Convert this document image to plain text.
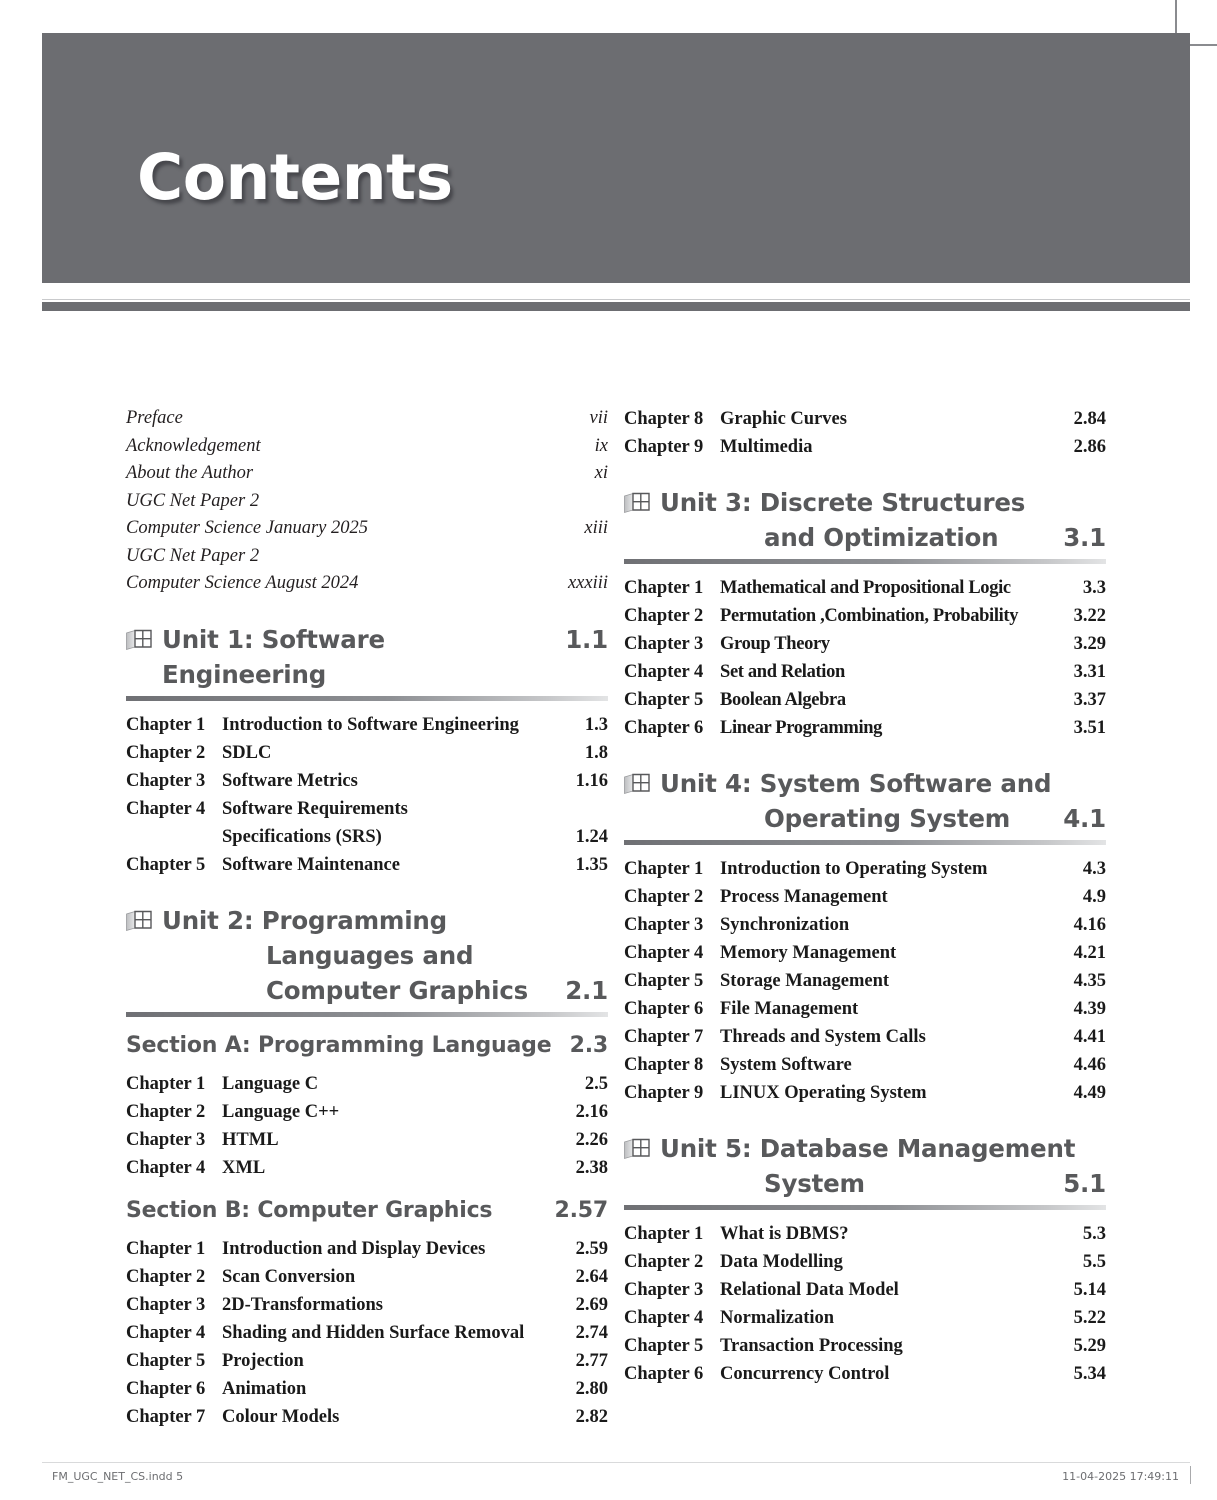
Contents
Preface	vii
Acknowledgement	ix
About the Author	xi
UGC Net Paper 2
Computer Science January 2025	xiii
UGC Net Paper 2
Computer Science August 2024	xxxiii
Unit 1: Software Engineering
1.1
Chapter 1 Introduction to Software Engineering	1.3
Chapter 2 SDLC	1.8
Chapter 3 Software Metrics	1.16
Chapter 4 Software Requirements

Specifications (SRS)	1.24
Chapter 5 Software Maintenance	1.35
Unit 2: Programming
Languages and
Computer Graphics	2.1
Section A: Programming Language 2.3
Chapter 1 Language C	2.5
Chapter 2 Language C++	2.16
Chapter 3 HTML	2.26
Chapter 4 XML	2.38
Section B: Computer Graphics	2.57
Chapter 1 Introduction and Display Devices	2.59
Chapter 2 Scan Conversion	2.64
Chapter 3 2D-Transformations	2.69
Chapter 4 Shading and Hidden Surface Removal	2.74
Chapter 5 Projection	2.77
Chapter 6 Animation	2.80
Chapter 7 Colour Models	2.82
Chapter 8 Graphic Curves	2.84
Chapter 9 Multimedia	2.86
Unit 3: Discrete Structures
and Optimization	3.1
Chapter 1 Mathematical and Propositional Logic	3.3
Chapter 2 Permutation ,Combination, Probability	3.22
Chapter 3 Group Theory	3.29
Chapter 4 Set and Relation	3.31
Chapter 5 Boolean Algebra	3.37
Chapter 6 Linear Programming	3.51
Unit 4: System Software and
Operating System	4.1
Chapter 1 Introduction to Operating System	4.3
Chapter 2 Process Management	4.9
Chapter 3 Synchronization	4.16
Chapter 4 Memory Management	4.21
Chapter 5 Storage Management	4.35
Chapter 6 File Management	4.39
Chapter 7 Threads and System Calls	4.41
Chapter 8 System Software	4.46
Chapter 9 LINUX Operating System	4.49
Unit 5: Database Management
System	5.1
Chapter 1 What is DBMS?	5.3
Chapter 2 Data Modelling	5.5
Chapter 3 Relational Data Model	5.14
Chapter 4 Normalization	5.22
Chapter 5 Transaction Processing	5.29
Chapter 6 Concurrency Control	5.34
FM_UGC_NET_CS.indd 5	11-04-2025 17:49:11
